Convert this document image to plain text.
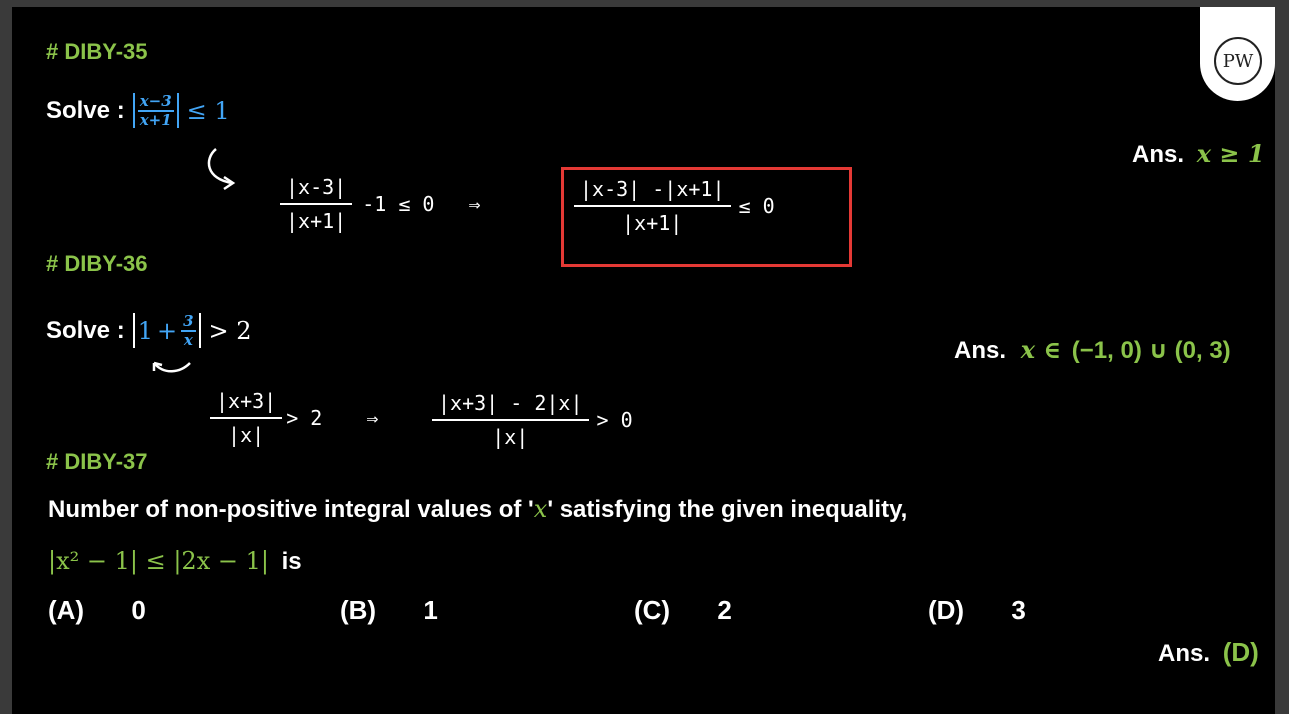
PW
# DIBY-35
Solve : $\frac{x-3}{x+1} \le 1$
|x-3|
|x+1|
-1 ≤ 0 ⇒	$\frac{|x-3| -|x+1|}{|x+1|} \le 0$
Ans. x ≥ 1
# DIBY-36
Solve : $1 + \frac{3}{x} > 2$
|x+3|
|x|
> 2 ⇒
|x+3| - 2|x|
|x|
> 0
Ans. x ∈ (−1, 0) ∪ (0, 3)
# DIBY-37
Number of non-positive integral values of 'x' satisfying the given inequality,
|x² − 1| ≤ |2x − 1| is
(A) 0	(B) 1	(C) 2	(D) 3
Ans. (D)
